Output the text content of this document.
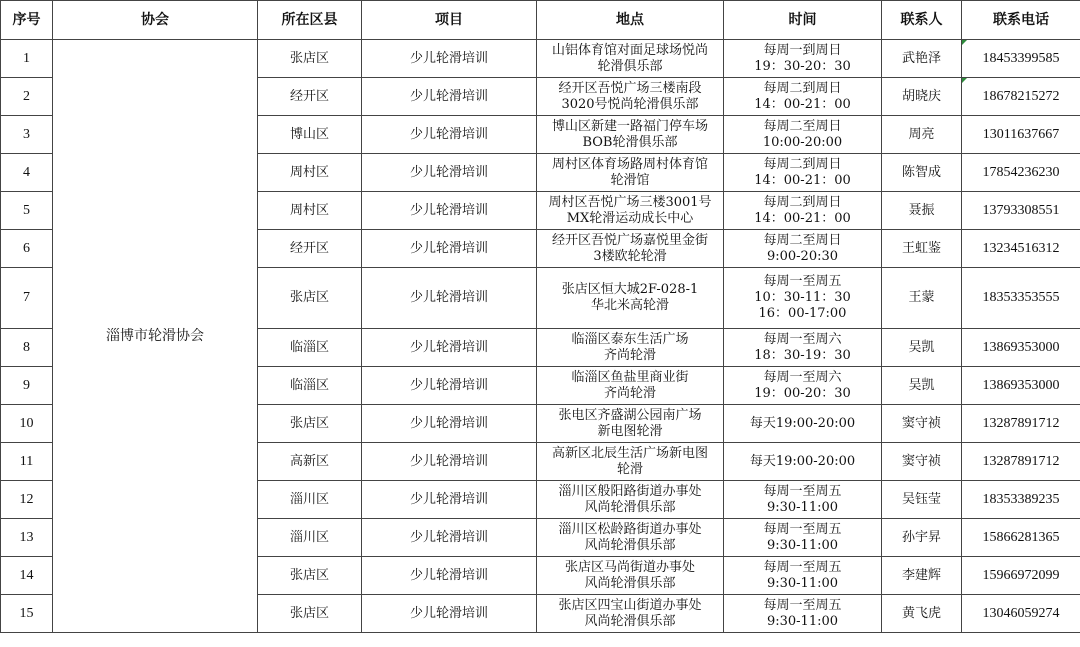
序号	协会	所在区县	项目	地点	时间	联系人	联系电话

1	淄博市轮滑协会	张店区	少儿轮滑培训	山铝体育馆对面足球场悦尚
轮滑俱乐部	每周一到周日
19：30-20：30	武艳泽	18453399585

2		经开区	少儿轮滑培训	经开区吾悦广场三楼南段
3020号悦尚轮滑俱乐部	每周二到周日
14：00-21：00	胡晓庆	18678215272

3		博山区	少儿轮滑培训	博山区新建一路福门停车场
BOB轮滑俱乐部	每周二至周日
10:00-20:00	周亮	13011637667

4		周村区	少儿轮滑培训	周村区体育场路周村体育馆
轮滑馆	每周二到周日
14：00-21：00	陈智成	17854236230

5		周村区	少儿轮滑培训	周村区吾悦广场三楼3001号
MX轮滑运动成长中心	每周二到周日
14：00-21：00	聂振	13793308551

6		经开区	少儿轮滑培训	经开区吾悦广场嘉悦里金街
3楼欧轮轮滑	每周二至周日
9:00-20:30	王虹鉴	13234516312

7		张店区	少儿轮滑培训	张店区恒大城2F-028-1
华北米高轮滑	每周一至周五
10：30-11：30
16：00-17:00	王蒙	18353353555

8		临淄区	少儿轮滑培训	临淄区泰东生活广场
齐尚轮滑	每周一至周六
18：30-19：30	吴凯	13869353000

9		临淄区	少儿轮滑培训	临淄区鱼盐里商业街
齐尚轮滑	每周一至周六
19：00-20：30	吴凯	13869353000

10		张店区	少儿轮滑培训	张电区齐盛湖公园南广场
新电图轮滑	每天19:00-20:00	窦守祯	13287891712

11		高新区	少儿轮滑培训	高新区北辰生活广场新电图
轮滑	每天19:00-20:00	窦守祯	13287891712

12		淄川区	少儿轮滑培训	淄川区般阳路街道办事处
风尚轮滑俱乐部	每周一至周五
9:30-11:00	吴钰莹	18353389235

13		淄川区	少儿轮滑培训	淄川区松龄路街道办事处
风尚轮滑俱乐部	每周一至周五
9:30-11:00	孙宇昇	15866281365

14		张店区	少儿轮滑培训	张店区马尚街道办事处
风尚轮滑俱乐部	每周一至周五
9:30-11:00	李建辉	15966972099

15		张店区	少儿轮滑培训	张店区四宝山街道办事处
风尚轮滑俱乐部	每周一至周五
9:30-11:00	黄飞虎	13046059274
